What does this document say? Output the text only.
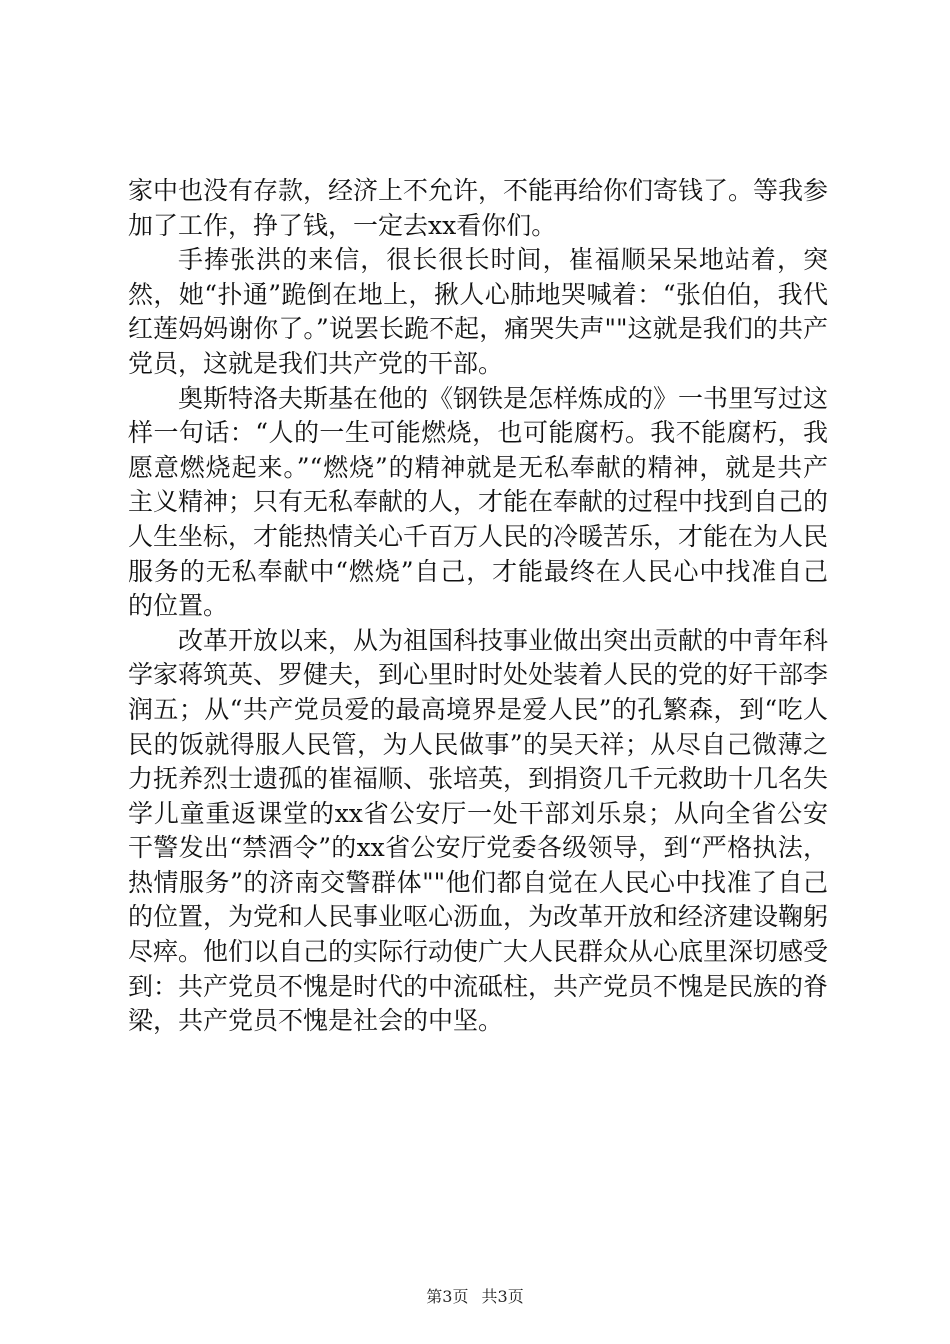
家中也没有存款，经济上不允许，不能再给你们寄钱了。等我参加了工作，挣了钱，一定去xx看你们。

手捧张洪的来信，很长很长时间，崔福顺呆呆地站着，突然，她“扑通”跪倒在地上，揪人心肺地哭喊着：“张伯伯，我代红莲妈妈谢你了。”说罢长跪不起，痛哭失声""这就是我们的共产党员，这就是我们共产党的干部。

奥斯特洛夫斯基在他的《钢铁是怎样炼成的》一书里写过这样一句话：“人的一生可能燃烧，也可能腐朽。我不能腐朽，我愿意燃烧起来。”“燃烧”的精神就是无私奉献的精神，就是共产主义精神；只有无私奉献的人，才能在奉献的过程中找到自己的人生坐标，才能热情关心千百万人民的冷暖苦乐，才能在为人民服务的无私奉献中“燃烧”自己，才能最终在人民心中找准自己的位置。

改革开放以来，从为祖国科技事业做出突出贡献的中青年科学家蒋筑英、罗健夫，到心里时时处处装着人民的党的好干部李润五；从“共产党员爱的最高境界是爱人民”的孔繁森，到“吃人民的饭就得服人民管，为人民做事”的吴天祥；从尽自己微薄之力抚养烈士遗孤的崔福顺、张培英，到捐资几千元救助十几名失学儿童重返课堂的xx省公安厅一处干部刘乐泉；从向全省公安干警发出“禁酒令”的xx省公安厅党委各级领导，到“严格执法，热情服务”的济南交警群体""他们都自觉在人民心中找准了自己的位置，为党和人民事业呕心沥血，为改革开放和经济建设鞠躬尽瘁。他们以自己的实际行动使广大人民群众从心底里深切感受到：共产党员不愧是时代的中流砥柱，共产党员不愧是民族的脊梁，共产党员不愧是社会的中坚。

第3页 共3页
